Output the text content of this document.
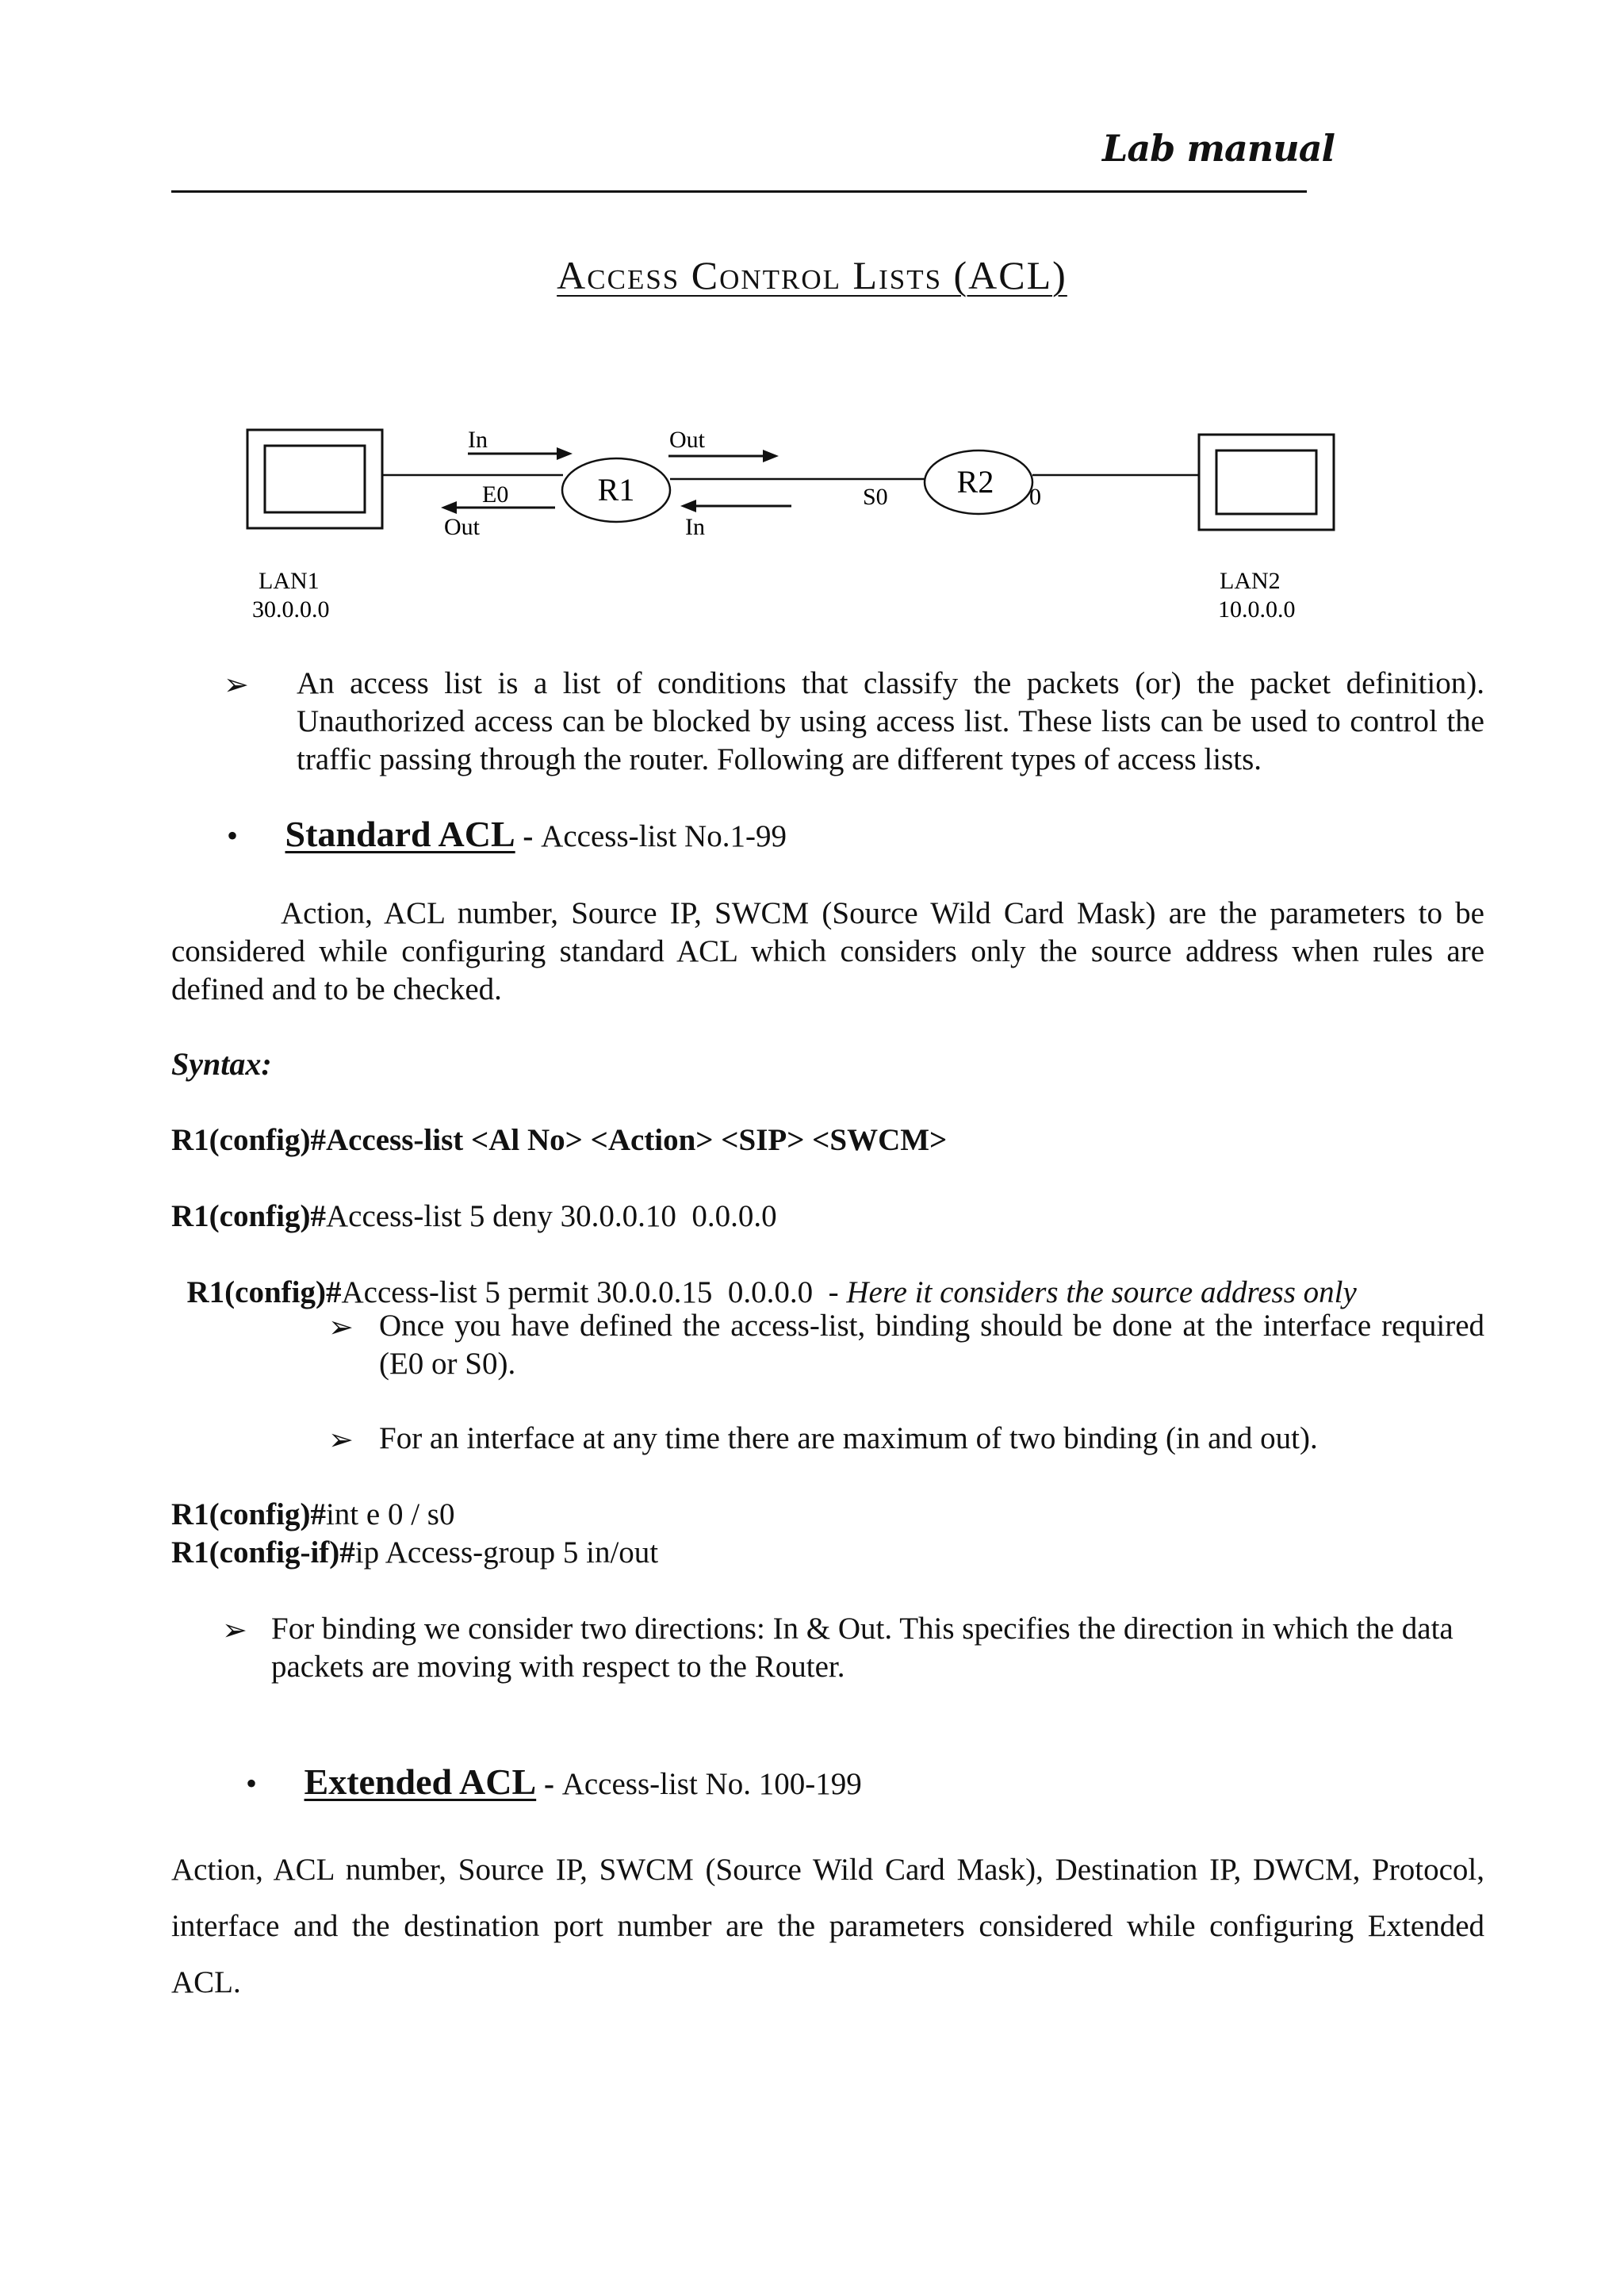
Lab manual
Access Control Lists (ACL)
In	Out
E0
Out	In
R1	R2
S0	0
LAN1
30.0.0.0
LAN2
10.0.0.0
➢ An access list is a list of conditions that classify the packets (or) the packet definition). Unauthorized access can be blocked by using access list. These lists can be used to control the traffic passing through the router. Following are different types of access lists.
• Standard ACL - Access-list No.1-99
Action, ACL number, Source IP, SWCM (Source Wild Card Mask) are the parameters to be considered while configuring standard ACL which considers only the source address when rules are defined and to be checked.
Syntax:
R1(config)#Access-list <Al No> <Action> <SIP> <SWCM>
R1(config)#Access-list 5 deny 30.0.0.10  0.0.0.0

R1(config)#Access-list 5 permit 30.0.0.15  0.0.0.0  - Here it considers the source address only

➢ Once you have defined the access-list, binding should be done at the interface required (E0 or S0).
➢ For an interface at any time there are maximum of two binding (in and out).
R1(config)#int e 0 / s0
R1(config-if)#ip Access-group 5 in/out
➢ For binding we consider two directions: In & Out. This specifies the direction in which the data packets are moving with respect to the Router.
• Extended ACL - Access-list No. 100-199
Action, ACL number, Source IP, SWCM (Source Wild Card Mask), Destination IP, DWCM, Protocol, interface and the destination port number are the parameters considered while configuring Extended ACL.
